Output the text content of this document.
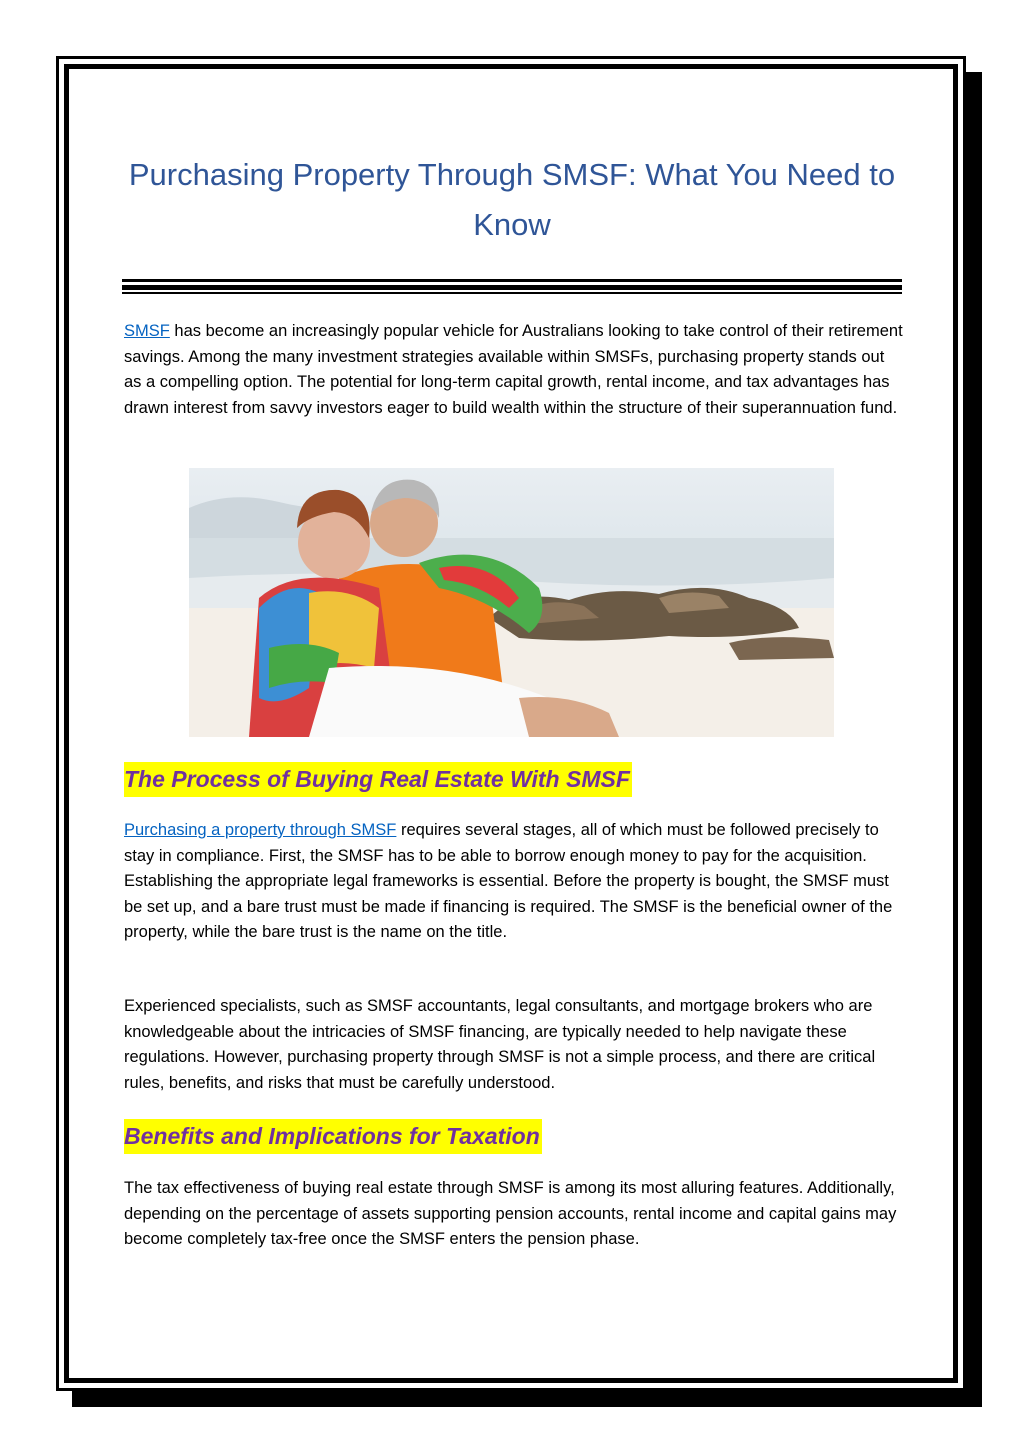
Purchasing Property Through SMSF: What You Need to Know

SMSF has become an increasingly popular vehicle for Australians looking to take control of their retirement savings. Among the many investment strategies available within SMSFs, purchasing property stands out as a compelling option. The potential for long-term capital growth, rental income, and tax advantages has drawn interest from savvy investors eager to build wealth within the structure of their superannuation fund.

The Process of Buying Real Estate With SMSF

Purchasing a property through SMSF requires several stages, all of which must be followed precisely to stay in compliance. First, the SMSF has to be able to borrow enough money to pay for the acquisition. Establishing the appropriate legal frameworks is essential. Before the property is bought, the SMSF must be set up, and a bare trust must be made if financing is required. The SMSF is the beneficial owner of the property, while the bare trust is the name on the title.

Experienced specialists, such as SMSF accountants, legal consultants, and mortgage brokers who are knowledgeable about the intricacies of SMSF financing, are typically needed to help navigate these regulations. However, purchasing property through SMSF is not a simple process, and there are critical rules, benefits, and risks that must be carefully understood.

Benefits and Implications for Taxation

The tax effectiveness of buying real estate through SMSF is among its most alluring features. Additionally, depending on the percentage of assets supporting pension accounts, rental income and capital gains may become completely tax-free once the SMSF enters the pension phase.
